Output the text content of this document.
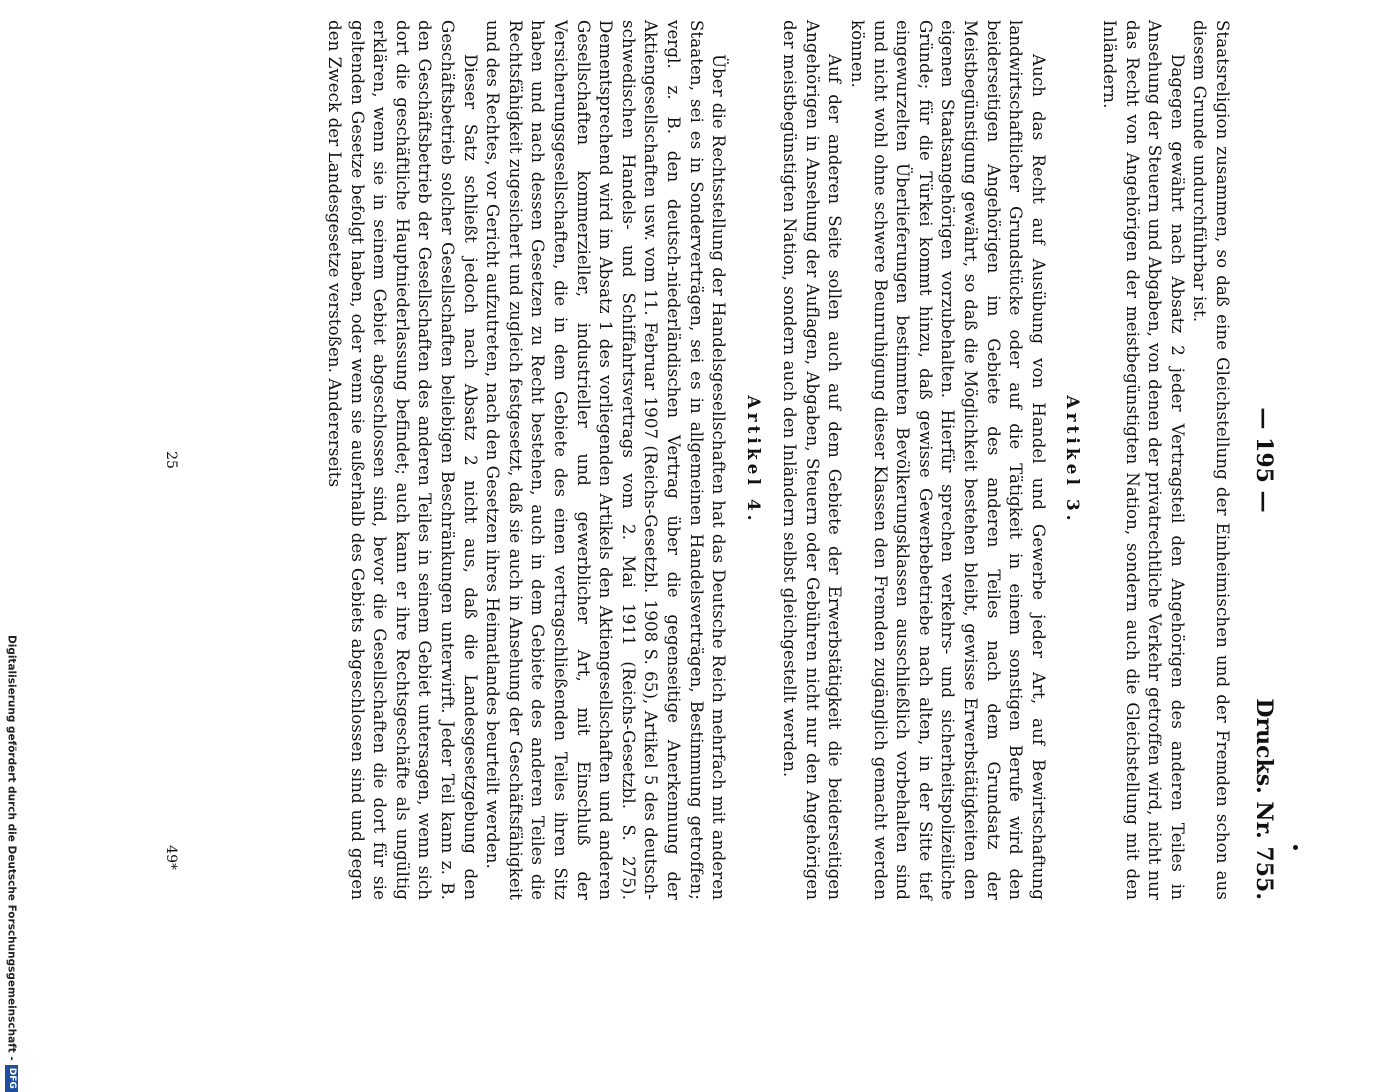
— 195 —
Drucks. Nr. 755.

Staatsreligion zusammen, so daß eine Gleichstellung der Einheimischen und der Fremden schon aus diesem Grunde undurchführbar ist.

Dagegen gewährt nach Absatz 2 jeder Vertragsteil den Angehörigen des anderen Teiles in Ansehung der Steuern und Abgaben, von denen der privatrechtliche Verkehr getroffen wird, nicht nur das Recht von Angehörigen der meistbegünstigten Nation, sondern auch die Gleichstellung mit den Inländern.

Artikel 3.

Auch das Recht auf Ausübung von Handel und Gewerbe jeder Art, auf Bewirtschaftung landwirtschaftlicher Grundstücke oder auf die Tätigkeit in einem sonstigen Berufe wird den beiderseitigen Angehörigen im Gebiete des anderen Teiles nach dem Grundsatz der Meistbegünstigung gewährt, so daß die Möglichkeit bestehen bleibt, gewisse Erwerbstätigkeiten den eigenen Staatsangehörigen vorzubehalten. Hierfür sprechen verkehrs- und sicherheitspolizeiliche Gründe; für die Türkei kommt hinzu, daß gewisse Gewerbebetriebe nach alten, in der Sitte tief eingewurzelten Überlieferungen bestimmten Bevölkerungsklassen ausschließlich vorbehalten sind und nicht wohl ohne schwere Beunruhigung dieser Klassen den Fremden zugänglich gemacht werden können.

Auf der anderen Seite sollen auch auf dem Gebiete der Erwerbstätigkeit die beiderseitigen Angehörigen in Ansehung der Auflagen, Abgaben, Steuern oder Gebühren nicht nur den Angehörigen der meistbegünstigten Nation, sondern auch den Inländern selbst gleichgestellt werden.

Artikel 4.

Über die Rechtsstellung der Handelsgesellschaften hat das Deutsche Reich mehrfach mit anderen Staaten, sei es in Sonderverträgen, sei es in allgemeinen Handelsverträgen, Bestimmung getroffen; vergl. z. B. den deutsch-niederländischen Vertrag über die gegenseitige Anerkennung der Aktiengesellschaften usw. vom 11. Februar 1907 (Reichs-Gesetzbl. 1908 S. 65), Artikel 5 des deutsch-schwedischen Handels- und Schiffahrtsvertrags vom 2. Mai 1911 (Reichs-Gesetzbl. S. 275). Dementsprechend wird im Absatz 1 des vorliegenden Artikels den Aktiengesellschaften und anderen Gesellschaften kommerzieller, industrieller und gewerblicher Art, mit Einschluß der Versicherungsgesellschaften, die in dem Gebiete des einen vertragschließenden Teiles ihren Sitz haben und nach dessen Gesetzen zu Recht bestehen, auch in dem Gebiete des anderen Teiles die Rechtsfähigkeit zugesichert und zugleich festgesetzt, daß sie auch in Ansehung der Geschäftsfähigkeit und des Rechtes, vor Gericht aufzutreten, nach den Gesetzen ihres Heimatlandes beurteilt werden.

Dieser Satz schließt jedoch nach Absatz 2 nicht aus, daß die Landesgesetzgebung den Geschäftsbetrieb solcher Gesellschaften beliebigen Beschränkungen unterwirft. Jeder Teil kann z. B. den Geschäftsbetrieb der Gesellschaften des anderen Teiles in seinem Gebiet untersagen, wenn sich dort die geschäftliche Hauptniederlassung befindet; auch kann er ihre Rechtsgeschäfte als ungültig erklären, wenn sie in seinem Gebiet abgeschlossen sind, bevor die Gesellschaften die dort für sie geltenden Gesetze befolgt haben, oder wenn sie außerhalb des Gebiets abgeschlossen sind und gegen den Zweck der Landesgesetze verstoßen. Andererseits

25
49*
Digitalisierung gefördert durch die Deutsche Forschungsgemeinschaft -DFG
